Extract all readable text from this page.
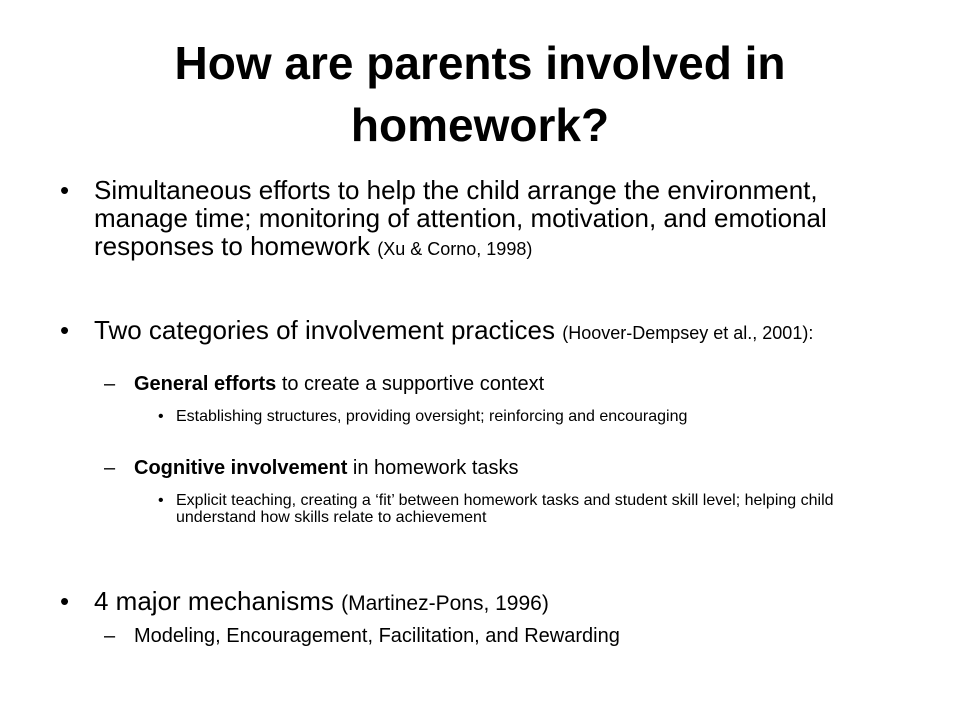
How are parents involved in homework?
• Simultaneous efforts to help the child arrange the environment, manage time; monitoring of attention, motivation, and emotional responses to homework (Xu & Corno, 1998)
• Two categories of involvement practices (Hoover-Dempsey et al., 2001):
– General efforts to create a supportive context
• Establishing structures, providing oversight; reinforcing and encouraging
– Cognitive involvement in homework tasks
• Explicit teaching, creating a ‘fit’ between homework tasks and student skill level; helping child understand how skills relate to achievement
• 4 major mechanisms (Martinez-Pons, 1996)
– Modeling, Encouragement, Facilitation, and Rewarding
